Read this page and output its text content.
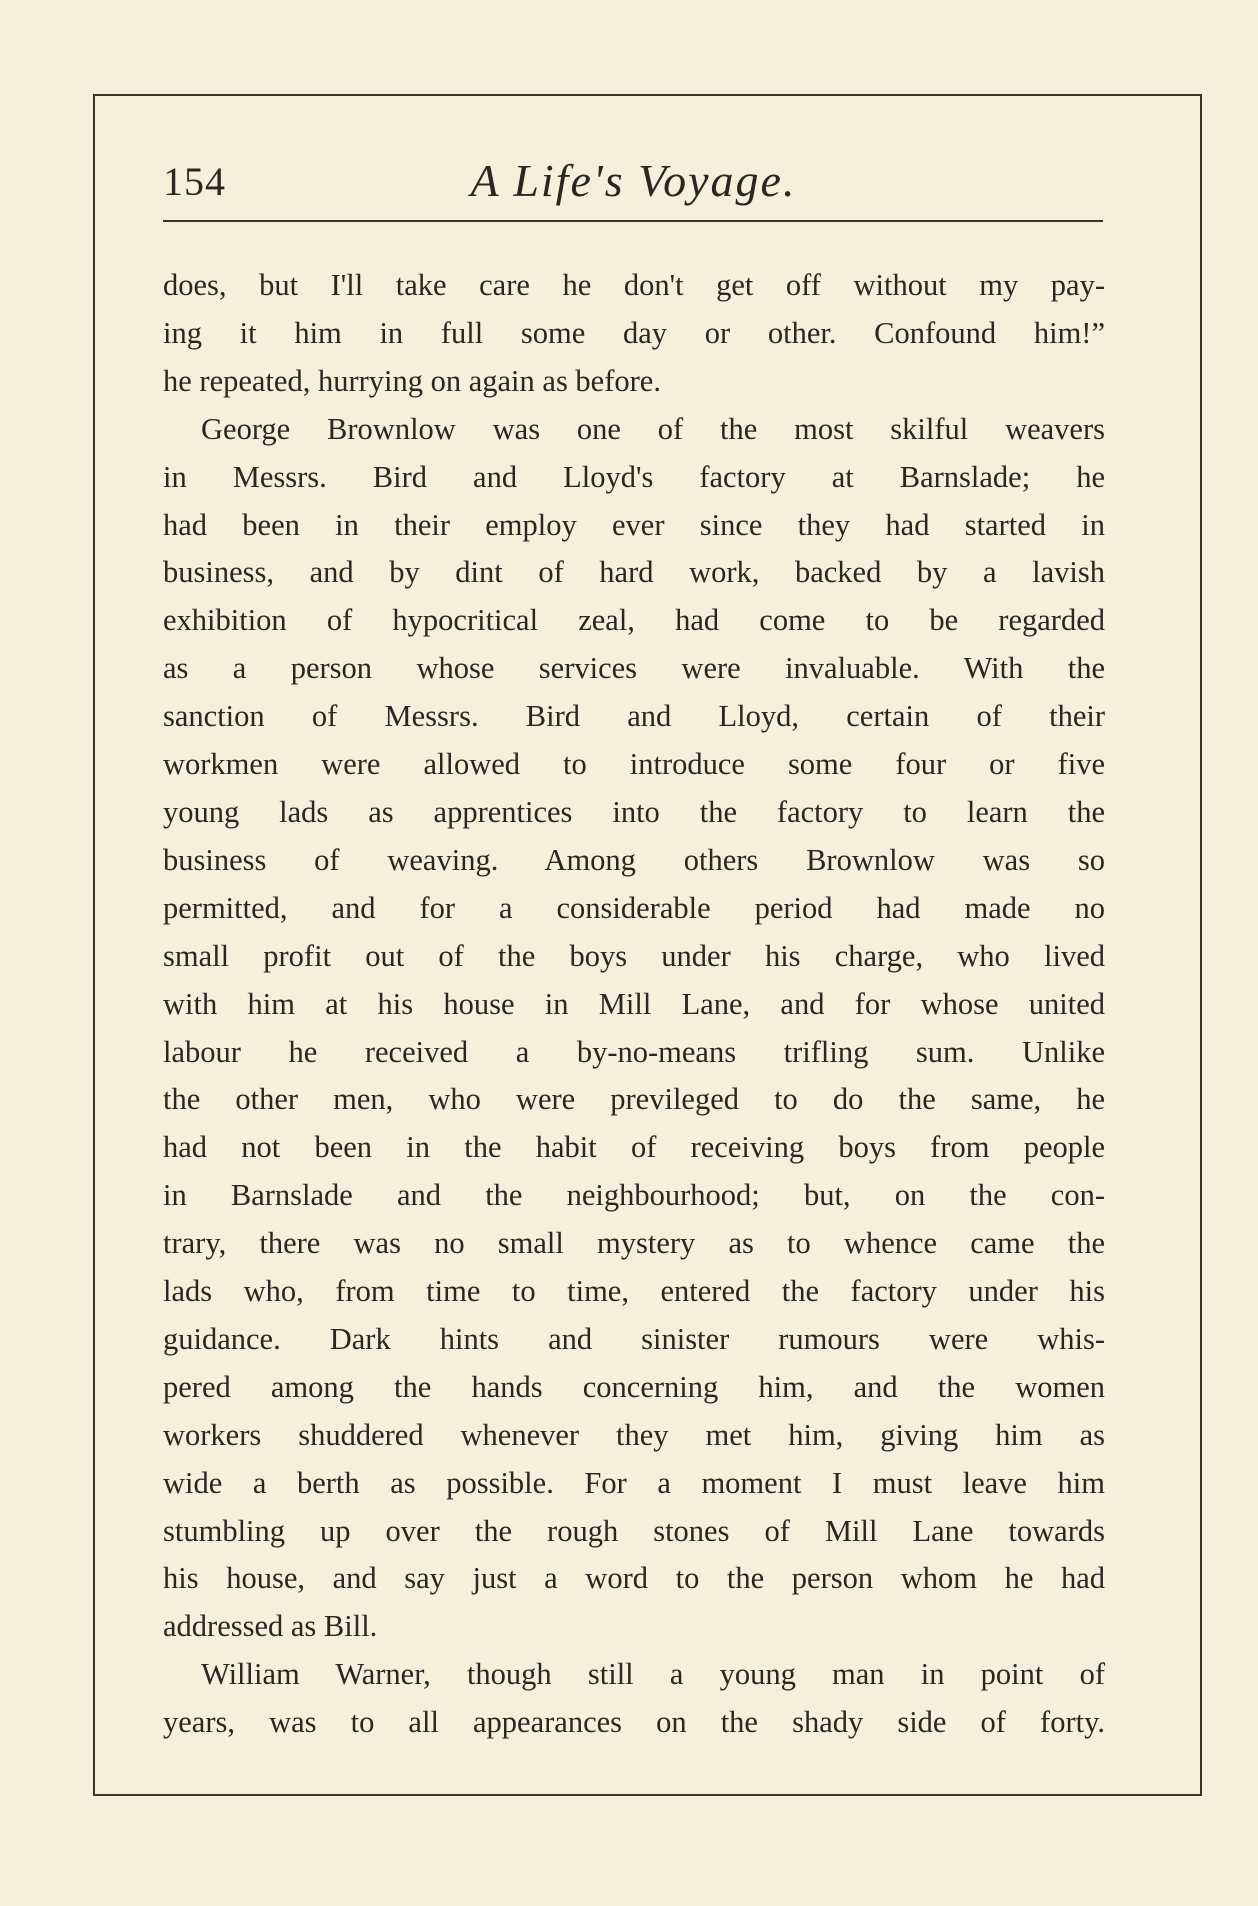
154	A Life's Voyage.
does, but I'll take care he don't get off without my pay-
ing it him in full some day or other. Confound him!”
he repeated, hurrying on again as before.
George Brownlow was one of the most skilful weavers
in Messrs. Bird and Lloyd's factory at Barnslade; he
had been in their employ ever since they had started in
business, and by dint of hard work, backed by a lavish
exhibition of hypocritical zeal, had come to be regarded
as a person whose services were invaluable. With the
sanction of Messrs. Bird and Lloyd, certain of their
workmen were allowed to introduce some four or five
young lads as apprentices into the factory to learn the
business of weaving. Among others Brownlow was so
permitted, and for a considerable period had made no
small profit out of the boys under his charge, who lived
with him at his house in Mill Lane, and for whose united
labour he received a by-no-means trifling sum. Unlike
the other men, who were previleged to do the same, he
had not been in the habit of receiving boys from people
in Barnslade and the neighbourhood; but, on the con-
trary, there was no small mystery as to whence came the
lads who, from time to time, entered the factory under his
guidance. Dark hints and sinister rumours were whis-
pered among the hands concerning him, and the women
workers shuddered whenever they met him, giving him as
wide a berth as possible. For a moment I must leave him
stumbling up over the rough stones of Mill Lane towards
his house, and say just a word to the person whom he had
addressed as Bill.
William Warner, though still a young man in point of
years, was to all appearances on the shady side of forty.
